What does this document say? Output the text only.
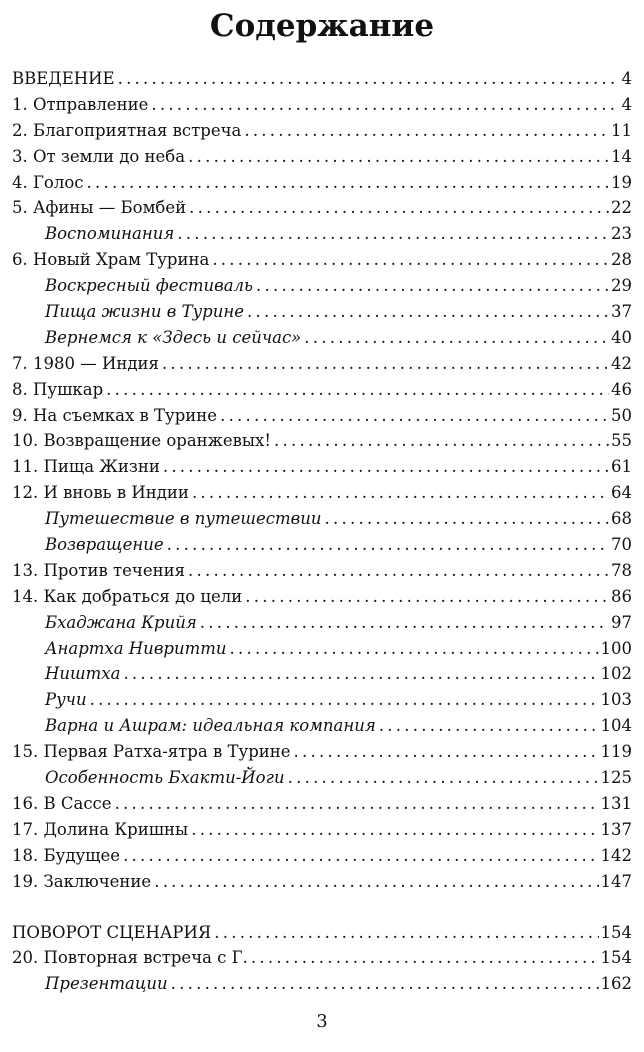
Содержание
ВВЕДЕНИЕ . . .	4
1. Отправление . . .	4
2. Благоприятная встреча . . .	11
3. От земли до неба . . .	14
4. Голос . . .	19
5. Афины — Бомбей . . .	22
Воспоминания . . .	23
6. Новый Храм Турина . . .	28
Воскресный фестиваль . . .	29
Пища жизни в Турине . . .	37
Вернемся к «Здесь и сейчас» . . .	40
7. 1980 — Индия . . .	42
8. Пушкар . . .	46
9. На съемках в Турине . . .	50
10. Возвращение оранжевых! . . .	55
11. Пища Жизни . . .	61
12. И вновь в Индии . . .	64
Путешествие в путешествии . . .	68
Возвращение . . .	70
13. Против течения . . .	78
14. Как добраться до цели . . .	86
Бхаджана Крийя . . .	97
Анартха Нивритти . . .	100
Ништха . . .	102
Ручи . . .	103
Варна и Ашрам: идеальная компания . . .	104
15. Первая Ратха-ятра в Турине . . .	119
Особенность Бхакти-Йоги . . .	125
16. В Сассе . . .	131
17. Долина Кришны . . .	137
18. Будущее . . .	142
19. Заключение . . .	147
ПОВОРОТ СЦЕНАРИЯ . . .	154
20. Повторная встреча с Г. . . .	154
Презентации . . .	162
3
